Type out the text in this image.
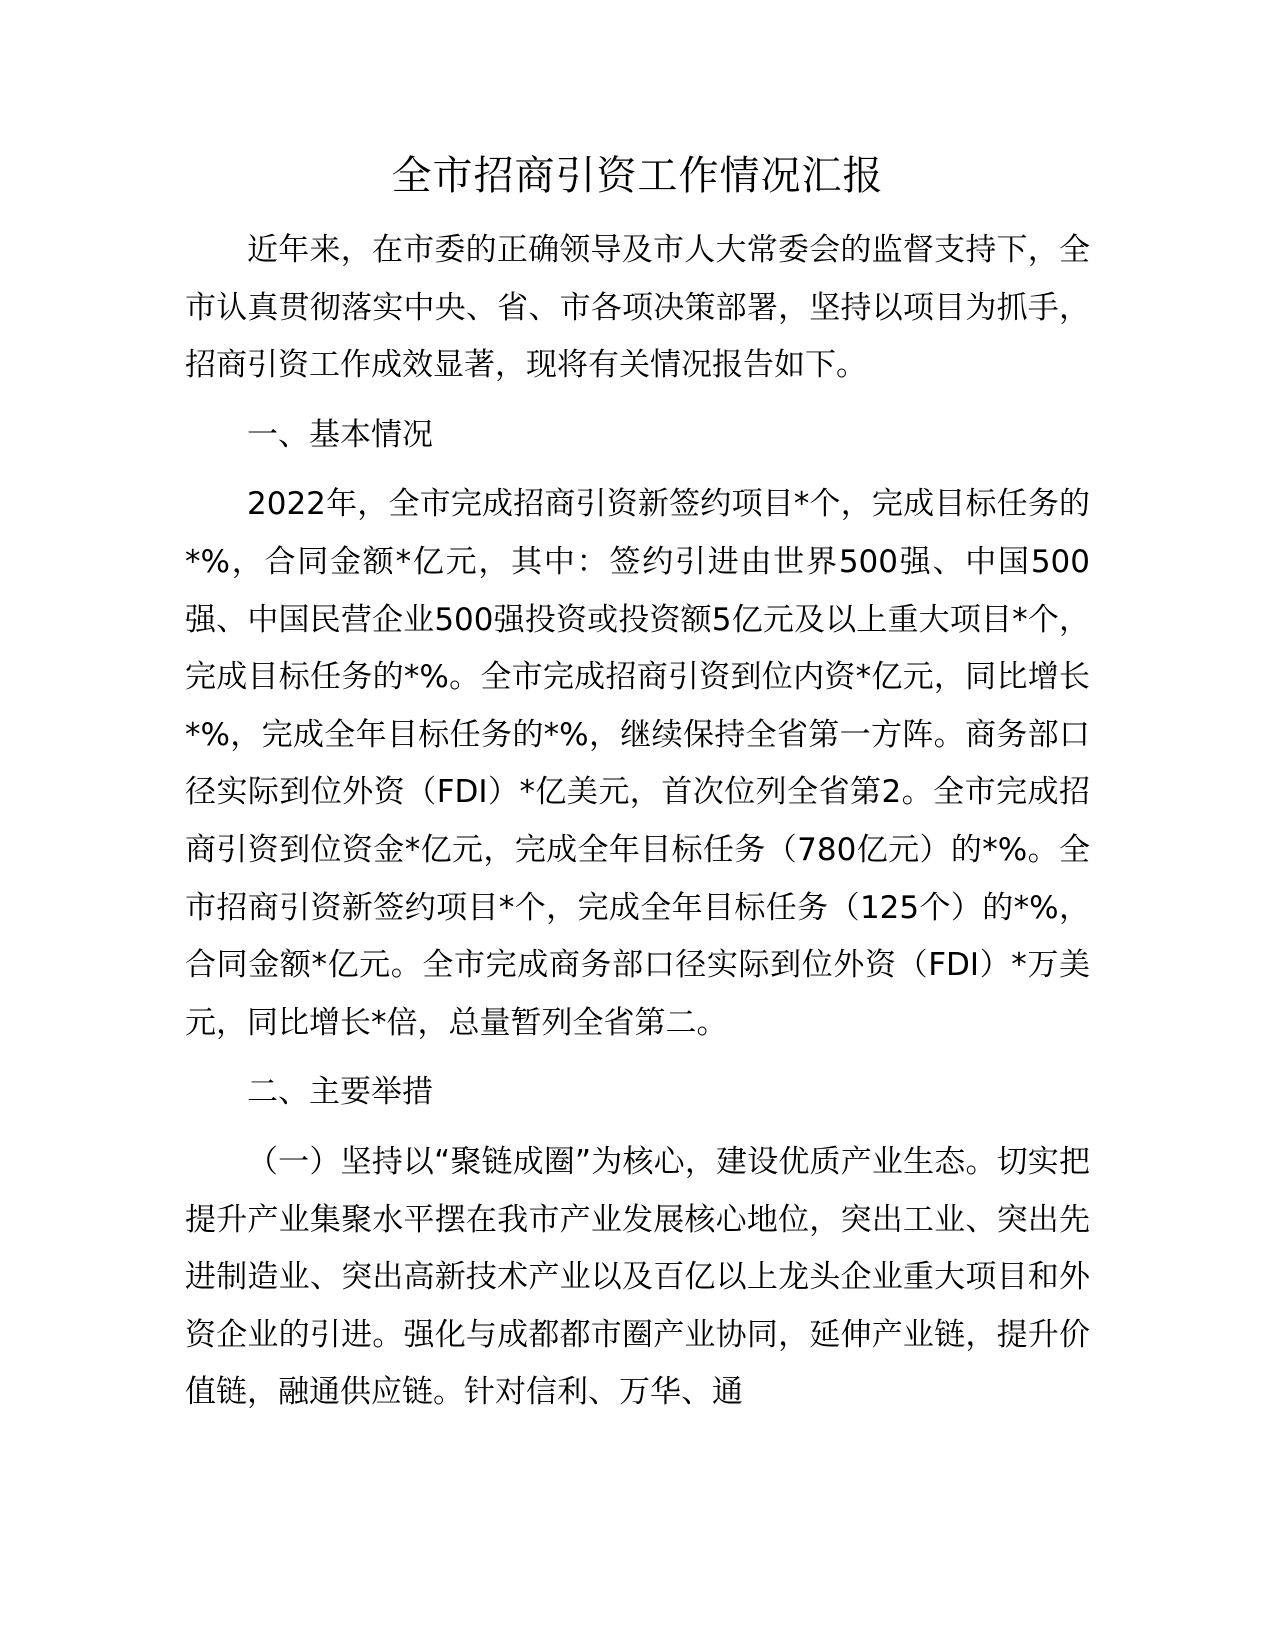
全市招商引资工作情况汇报

近年来，在市委的正确领导及市人大常委会的监督支持下，全市认真贯彻落实中央、省、市各项决策部署，坚持以项目为抓手，招商引资工作成效显著，现将有关情况报告如下。

一、基本情况

2022年，全市完成招商引资新签约项目*个，完成目标任务的*%，合同金额*亿元，其中：签约引进由世界500强、中国500强、中国民营企业500强投资或投资额5亿元及以上重大项目*个，完成目标任务的*%。全市完成招商引资到位内资*亿元，同比增长*%，完成全年目标任务的*%，继续保持全省第一方阵。商务部口径实际到位外资（FDI）*亿美元，首次位列全省第2。全市完成招商引资到位资金*亿元，完成全年目标任务（780亿元）的*%。全市招商引资新签约项目*个，完成全年目标任务（125个）的*%，合同金额*亿元。全市完成商务部口径实际到位外资（FDI）*万美元，同比增长*倍，总量暂列全省第二。

二、主要举措

（一）坚持以“聚链成圈”为核心，建设优质产业生态。切实把提升产业集聚水平摆在我市产业发展核心地位，突出工业、突出先进制造业、突出高新技术产业以及百亿以上龙头企业重大项目和外资企业的引进。强化与成都都市圈产业协同，延伸产业链，提升价值链，融通供应链。针对信利、万华、通
